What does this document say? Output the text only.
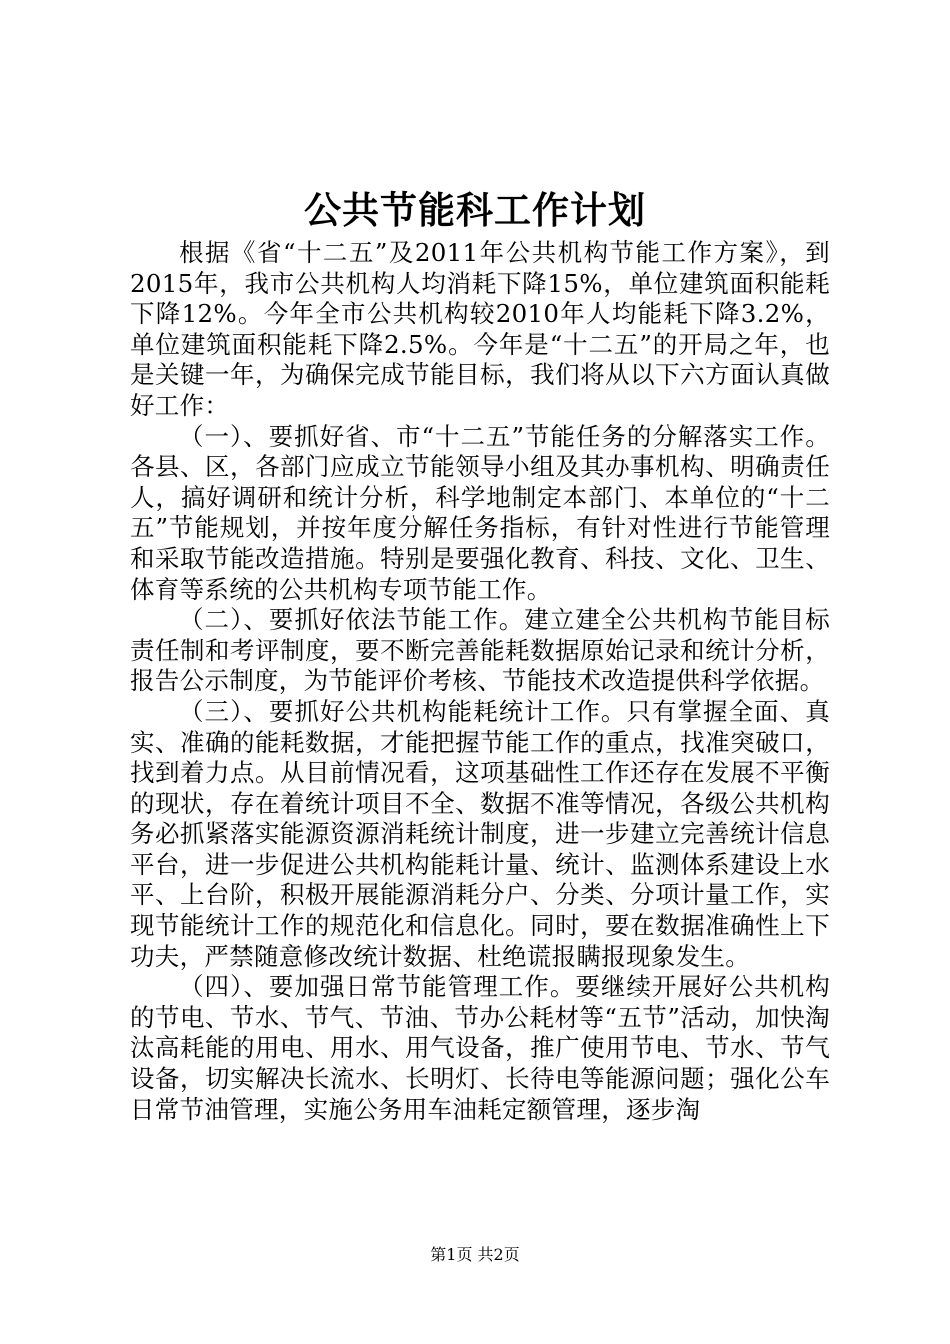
公共节能科工作计划

根据《省“十二五”及2011年公共机构节能工作方案》，到2015年，我市公共机构人均消耗下降15%，单位建筑面积能耗下降12%。今年全市公共机构较2010年人均能耗下降3.2%，单位建筑面积能耗下降2.5%。今年是“十二五”的开局之年，也是关键一年，为确保完成节能目标，我们将从以下六方面认真做好工作：

（一）、要抓好省、市“十二五”节能任务的分解落实工作。各县、区，各部门应成立节能领导小组及其办事机构、明确责任人，搞好调研和统计分析，科学地制定本部门、本单位的“十二五”节能规划，并按年度分解任务指标，有针对性进行节能管理和采取节能改造措施。特别是要强化教育、科技、文化、卫生、体育等系统的公共机构专项节能工作。

（二）、要抓好依法节能工作。建立建全公共机构节能目标责任制和考评制度，要不断完善能耗数据原始记录和统计分析，报告公示制度，为节能评价考核、节能技术改造提供科学依据。

（三）、要抓好公共机构能耗统计工作。只有掌握全面、真实、准确的能耗数据，才能把握节能工作的重点，找准突破口，找到着力点。从目前情况看，这项基础性工作还存在发展不平衡的现状，存在着统计项目不全、数据不准等情况，各级公共机构务必抓紧落实能源资源消耗统计制度，进一步建立完善统计信息平台，进一步促进公共机构能耗计量、统计、监测体系建设上水平、上台阶，积极开展能源消耗分户、分类、分项计量工作，实现节能统计工作的规范化和信息化。同时，要在数据准确性上下功夫，严禁随意修改统计数据、杜绝谎报瞒报现象发生。

（四）、要加强日常节能管理工作。要继续开展好公共机构的节电、节水、节气、节油、节办公耗材等“五节”活动，加快淘汰高耗能的用电、用水、用气设备，推广使用节电、节水、节气设备，切实解决长流水、长明灯、长待电等能源问题；强化公车日常节油管理，实施公务用车油耗定额管理，逐步淘

第1页 共2页
